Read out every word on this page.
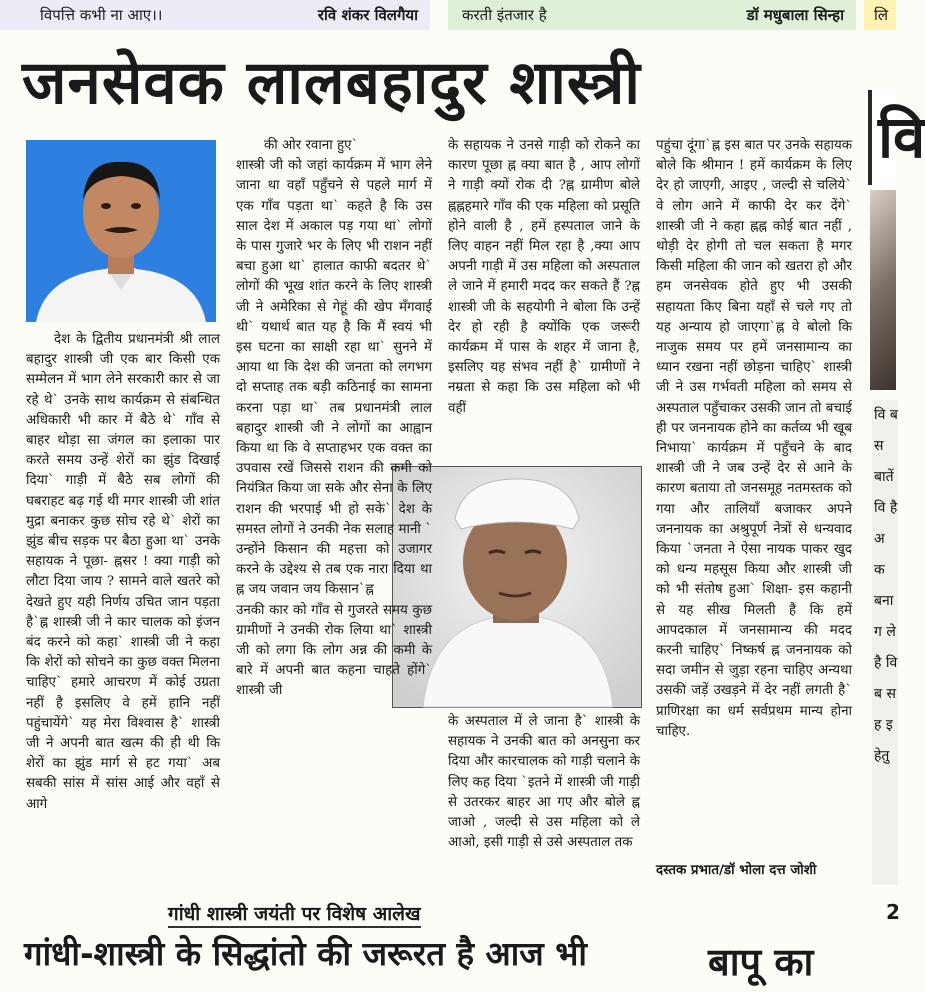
विपत्ति कभी ना आए।।	रवि शंकर विलगैया	करती इंतजार है	डॉ मधुबाला सिन्हा लि
जनसेवक लालबहादुर शास्त्री
वि

देश के द्वितीय प्रधानमंत्री श्री लाल बहादुर शास्त्री जी एक बार किसी एक सम्मेलन में भाग लेने सरकारी कार से जा रहे थे` उनके साथ कार्यक्रम से संबन्धित अधिकारी भी कार में बैठे थे` गाँव से बाहर थोड़ा सा जंगल का इलाका पार करते समय उन्हें शेरों का झुंड दिखाई दिया` गाड़ी में बैठे सब लोगों की घबराहट बढ़ गई थी मगर शास्त्री जी शांत मुद्रा बनाकर कुछ सोच रहे थे` शेरों का झुंड बीच सड़क पर बैठा हुआ था` उनके सहायक ने पूछा- ह्नसर ! क्या गाड़ी को लौटा दिया जाय ? सामने वाले खतरे को देखते हुए यही निर्णय उचित जान पड़ता है`ह्न शास्त्री जी ने कार चालक को इंजन बंद करने को कहा` शास्त्री जी ने कहा कि शेरों को सोचने का कुछ वक्त मिलना चाहिए` हमारे आचरण में कोई उग्रता नहीं है इसलिए वे हमें हानि नहीं पहुंचायेंगे` यह मेरा विश्वास है` शास्त्री जी ने अपनी बात खत्म की ही थी कि शेरों का झुंड मार्ग से हट गया` अब सबकी सांस में सांस आई और वहाँ से आगे

की ओर रवाना हुए`
शास्त्री जी को जहां कार्यक्रम में भाग लेने जाना था वहाँ पहुँचने से पहले मार्ग में एक गाँव पड़ता था` कहते है कि उस साल देश में अकाल पड़ गया था` लोगों के पास गुजारे भर के लिए भी राशन नहीं बचा हुआ था` हालात काफी बदतर थे` लोगों की भूख शांत करने के लिए शास्त्री जी ने अमेरिका से गेहूं की खेप मँगवाई थी` यथार्थ बात यह है कि मैं स्वयं भी इस घटना का साक्षी रहा था` सुनने में आया था कि देश की जनता को लगभग दो सप्ताह तक बड़ी कठिनाई का सामना करना पड़ा था` तब प्रधानमंत्री लाल बहादुर शास्त्री जी ने लोगों का आह्वान किया था कि वे सप्ताहभर एक वक्त का उपवास रखें जिससे राशन की कमी को नियंत्रित किया जा सके और सेना के लिए राशन की भरपाई भी हो सके` देश के समस्त लोगों ने उनकी नेक सलाह मानी ` उन्होंने किसान की महत्ता को उजागर करने के उद्देश्य से तब एक नारा दिया था ह्न जय जवान जय किसान`ह्न
उनकी कार को गाँव से गुजरते समय कुछ ग्रामीणों ने उनकी रोक लिया था` शास्त्री जी को लगा कि लोग अन्न की कमी के बारे में अपनी बात कहना चाहते होंगे` शास्त्री जी

के सहायक ने उनसे गाड़ी को रोकने का कारण पूछा ह्न क्या बात है , आप लोगों ने गाड़ी क्यों रोक दी ?ह्न ग्रामीण बोले ह्नह्नहमारे गाँव की एक महिला को प्रसूति होने वाली है , हमें हस्पताल जाने के लिए वाहन नहीं मिल रहा है ,क्या आप अपनी गाड़ी में उस महिला को अस्पताल ले जाने में हमारी मदद कर सकते हैं ?ह्न शास्त्री जी के सहयोगी ने बोला कि उन्हें देर हो रही है क्योंकि एक जरूरी कार्यक्रम में पास के शहर में जाना है, इसलिए यह संभव नहीं है` ग्रामीणों ने नम्रता से कहा कि उस महिला को भी वहीं

के अस्पताल में ले जाना है` शास्त्री के सहायक ने उनकी बात को अनसुना कर दिया और कारचालक को गाड़ी चलाने के लिए कह दिया `इतने में शास्त्री जी गाड़ी से उतरकर बाहर आ गए और बोले ह्न जाओ , जल्दी से उस महिला को ले आओ, इसी गाड़ी से उसे अस्पताल तक

पहुंचा दूंगा`ह्न इस बात पर उनके सहायक बोले कि श्रीमान ! हमें कार्यक्रम के लिए देर हो जाएगी, आइए , जल्दी से चलिये` वे लोग आने में काफी देर कर देंगे` शास्त्री जी ने कहा ह्नह्न कोई बात नहीं , थोड़ी देर होगी तो चल सकता है मगर किसी महिला की जान को खतरा हो और हम जनसेवक होते हुए भी उसकी सहायता किए बिना यहाँ से चले गए तो यह अन्याय हो जाएगा`ह्न वे बोलो कि नाजुक समय पर हमें जनसामान्य का ध्यान रखना नहीं छोड़ना चाहिए` शास्त्री जी ने उस गर्भवती महिला को समय से अस्पताल पहुँचाकर उसकी जान तो बचाई ही पर जननायक होने का कर्तव्य भी खूब निभाया` कार्यक्रम में पहुँचने के बाद शास्त्री जी ने जब उन्हें देर से आने के कारण बताया तो जनसमूह नतमस्तक को गया और तालियाँ बजाकर अपने जननायक का अश्रुपूर्ण नेत्रों से धन्यवाद किया `जनता ने ऐसा नायक पाकर खुद को धन्य महसूस किया और शास्त्री जी को भी संतोष हुआ` शिक्षा- इस कहानी से यह सीख मिलती है कि हमें आपदकाल में जनसामान्य की मदद करनी चाहिए` निष्कर्ष ह्न जननायक को सदा जमीन से जुड़ा रहना चाहिए अन्यथा उसकी जड़ें उखड़ने में देर नहीं लगती है` प्राणिरक्षा का धर्म सर्वप्रथम मान्य होना चाहिए.

दस्तक प्रभात/डॉ भोला दत्त जोशी
वि ब स बातें वि है अ क बना ग ले है वि ब स ह इ हेतु
गांधी शास्त्री जयंती पर विशेष आलेख
गांधी-शास्त्री के सिद्धांतो की जरूरत है आज भी	बापू का
2
